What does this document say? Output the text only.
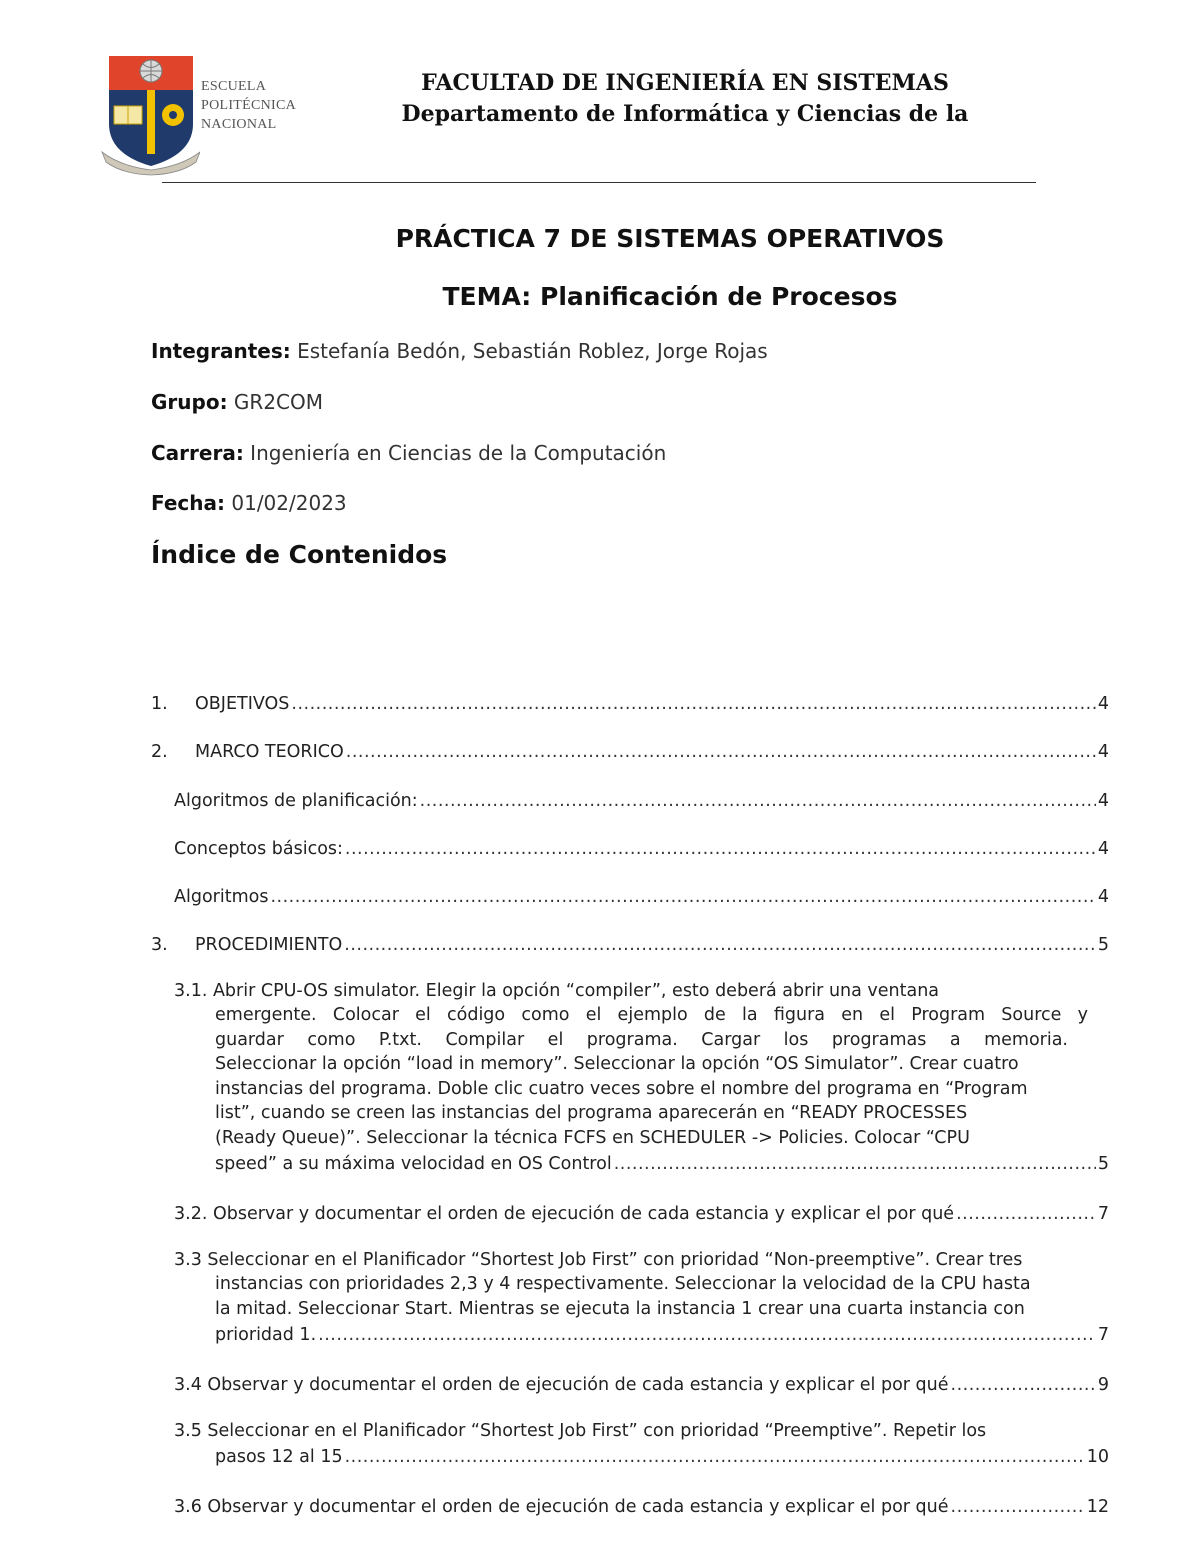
ESCUELA
POLITÉCNICA
NACIONAL
FACULTAD DE INGENIERÍA EN SISTEMAS
Departamento de Informática y Ciencias de la
PRÁCTICA 7 DE SISTEMAS OPERATIVOS
TEMA: Planificación de Procesos
Integrantes: Estefanía Bedón, Sebastián Roblez, Jorge Rojas
Grupo: GR2COM
Carrera: Ingeniería en Ciencias de la Computación
Fecha: 01/02/2023
Índice de Contenidos
1.	OBJETIVOS .....	4
2.	MARCO TEORICO .....	4
Algoritmos de planificación: .....	4
Conceptos básicos: .....	4
Algoritmos .....	4
3.	PROCEDIMIENTO .....	5
3.1. Abrir CPU-OS simulator. Elegir la opción “compiler”, esto deberá abrir una ventana
emergente. Colocar el código como el ejemplo de la figura en el Program Source y
guardar como P.txt. Compilar el programa. Cargar los programas a memoria.
Seleccionar la opción “load in memory”. Seleccionar la opción “OS Simulator”. Crear cuatro
instancias del programa. Doble clic cuatro veces sobre el nombre del programa en “Program
list”, cuando se creen las instancias del programa aparecerán en “READY PROCESSES
(Ready Queue)”. Seleccionar la técnica FCFS en SCHEDULER -> Policies. Colocar “CPU
speed” a su máxima velocidad en OS Control .....	5
3.2. Observar y documentar el orden de ejecución de cada estancia y explicar el por qué .....	7
3.3 Seleccionar en el Planificador “Shortest Job First” con prioridad “Non-preemptive”. Crear tres
instancias con prioridades 2,3 y 4 respectivamente. Seleccionar la velocidad de la CPU hasta
la mitad. Seleccionar Start. Mientras se ejecuta la instancia 1 crear una cuarta instancia con
prioridad 1. .....	7
3.4 Observar y documentar el orden de ejecución de cada estancia y explicar el por qué .....	9
3.5 Seleccionar en el Planificador “Shortest Job First” con prioridad “Preemptive”. Repetir los
pasos 12 al 15 .....	10
3.6 Observar y documentar el orden de ejecución de cada estancia y explicar el por qué .....	12
